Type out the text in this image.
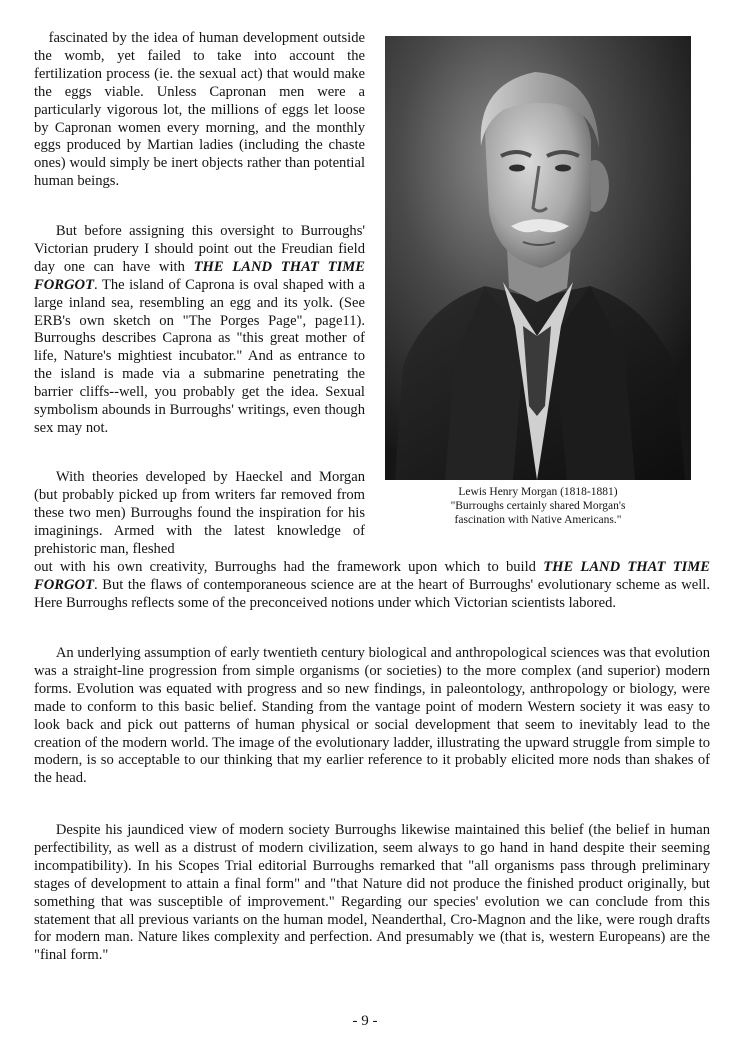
 fascinated by the idea of human development outside the womb, yet failed to take into account the fertilization process (ie. the sexual act) that would make the eggs viable. Unless Capronan men were a particularly vigorous lot, the millions of eggs let loose by Capronan women every morning, and the monthly eggs produced by Martian ladies (including the chaste ones) would simply be inert objects rather than potential human beings.

  But before assigning this oversight to Burroughs' Victorian prudery I should point out the Freudian field day one can have with THE LAND THAT TIME FORGOT. The island of Caprona is oval shaped with a large inland sea, resembling an egg and its yolk. (See ERB's own sketch on "The Porges Page", page11). Burroughs describes Caprona as "this great mother of life, Nature's mightiest incubator." And as entrance to the island is made via a submarine penetrating the barrier cliffs--well, you probably get the idea. Sexual symbolism abounds in Burroughs' writings, even though sex may not.

  With theories developed by Haeckel and Morgan (but probably picked up from writers far removed from these two men) Burroughs found the inspiration for his imaginings. Armed with the latest knowledge of prehistoric man, fleshed

out with his own creativity, Burroughs had the framework upon which to build THE LAND THAT TIME FORGOT. But the flaws of contemporaneous science are at the heart of Burroughs' evolutionary scheme as well. Here Burroughs reflects some of the preconceived notions under which Victorian scientists labored.

  An underlying assumption of early twentieth century biological and anthropological sciences was that evolution was a straight-line progression from simple organisms (or societies) to the more complex (and superior) modern forms. Evolution was equated with progress and so new findings, in paleontology, anthropology or biology, were made to conform to this basic belief. Standing from the vantage point of modern Western society it was easy to look back and pick out patterns of human physical or social development that seem to inevitably lead to the creation of the modern world. The image of the evolutionary ladder, illustrating the upward struggle from simple to modern, is so acceptable to our thinking that my earlier reference to it probably elicited more nods than shakes of the head.

  Despite his jaundiced view of modern society Burroughs likewise maintained this belief (the belief in human perfectibility, as well as a distrust of modern civilization, seem always to go hand in hand despite their seeming incompatibility). In his Scopes Trial editorial Burroughs remarked that "all organisms pass through preliminary stages of development to attain a final form" and "that Nature did not produce the finished product originally, but something that was susceptible of improvement." Regarding our species' evolution we can conclude from this statement that all previous variants on the human model, Neanderthal, Cro-Magnon and the like, were rough drafts for modern man. Nature likes complexity and perfection. And presumably we (that is, western Europeans) are the "final form."

Lewis Henry Morgan (1818-1881)
"Burroughs certainly shared Morgan's
fascination with Native Americans."
- 9 -
